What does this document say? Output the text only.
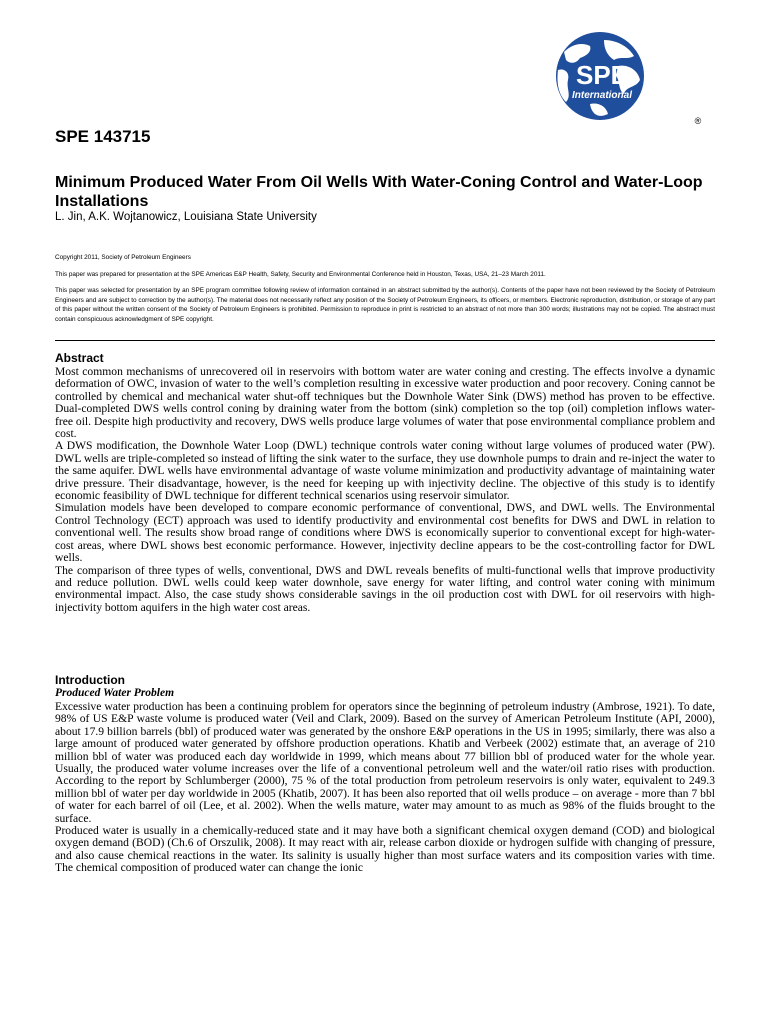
SPE
International
®
SPE 143715
Minimum Produced Water From Oil Wells With Water-Coning Control and Water-Loop Installations
L. Jin, A.K. Wojtanowicz, Louisiana State University
Copyright 2011, Society of Petroleum Engineers
This paper was prepared for presentation at the SPE Americas E&P Health, Safety, Security and Environmental Conference held in Houston, Texas, USA, 21–23 March 2011.
This paper was selected for presentation by an SPE program committee following review of information contained in an abstract submitted by the author(s). Contents of the paper have not been reviewed by the Society of Petroleum Engineers and are subject to correction by the author(s). The material does not necessarily reflect any position of the Society of Petroleum Engineers, its officers, or members. Electronic reproduction, distribution, or storage of any part of this paper without the written consent of the Society of Petroleum Engineers is prohibited. Permission to reproduce in print is restricted to an abstract of not more than 300 words; illustrations may not be copied. The abstract must contain conspicuous acknowledgment of SPE copyright.
Abstract

Most common mechanisms of unrecovered oil in reservoirs with bottom water are water coning and cresting. The effects involve a dynamic deformation of OWC, invasion of water to the well’s completion resulting in excessive water production and poor recovery. Coning cannot be controlled by chemical and mechanical water shut-off techniques but the Downhole Water Sink (DWS) method has proven to be effective. Dual-completed DWS wells control coning by draining water from the bottom (sink) completion so the top (oil) completion inflows water-free oil. Despite high productivity and recovery, DWS wells produce large volumes of water that pose environmental compliance problem and cost.

A DWS modification, the Downhole Water Loop (DWL) technique controls water coning without large volumes of produced water (PW). DWL wells are triple-completed so instead of lifting the sink water to the surface, they use downhole pumps to drain and re-inject the water to the same aquifer. DWL wells have environmental advantage of waste volume minimization and productivity advantage of maintaining water drive pressure. Their disadvantage, however, is the need for keeping up with injectivity decline. The objective of this study is to identify economic feasibility of DWL technique for different technical scenarios using reservoir simulator.

Simulation models have been developed to compare economic performance of conventional, DWS, and DWL wells. The Environmental Control Technology (ECT) approach was used to identify productivity and environmental cost benefits for DWS and DWL in relation to conventional well. The results show broad range of conditions where DWS is economically superior to conventional except for high-water-cost areas, where DWL shows best economic performance. However, injectivity decline appears to be the cost-controlling factor for DWL wells.

The comparison of three types of wells, conventional, DWS and DWL reveals benefits of multi-functional wells that improve productivity and reduce pollution. DWL wells could keep water downhole, save energy for water lifting, and control water coning with minimum environmental impact. Also, the case study shows considerable savings in the oil production cost with DWL for oil reservoirs with high-injectivity bottom aquifers in the high water cost areas.

Introduction
Produced Water Problem

Excessive water production has been a continuing problem for operators since the beginning of petroleum industry (Ambrose, 1921). To date, 98% of US E&P waste volume is produced water (Veil and Clark, 2009). Based on the survey of American Petroleum Institute (API, 2000), about 17.9 billion barrels (bbl) of produced water was generated by the onshore E&P operations in the US in 1995; similarly, there was also a large amount of produced water generated by offshore production operations. Khatib and Verbeek (2002) estimate that, an average of 210 million bbl of water was produced each day worldwide in 1999, which means about 77 billion bbl of produced water for the whole year. Usually, the produced water volume increases over the life of a conventional petroleum well and the water/oil ratio rises with production. According to the report by Schlumberger (2000), 75 % of the total production from petroleum reservoirs is only water, equivalent to 249.3 million bbl of water per day worldwide in 2005 (Khatib, 2007). It has been also reported that oil wells produce – on average - more than 7 bbl of water for each barrel of oil (Lee, et al. 2002). When the wells mature, water may amount to as much as 98% of the fluids brought to the surface.

Produced water is usually in a chemically-reduced state and it may have both a significant chemical oxygen demand (COD) and biological oxygen demand (BOD) (Ch.6 of Orszulik, 2008). It may react with air, release carbon dioxide or hydrogen sulfide with changing of pressure, and also cause chemical reactions in the water. Its salinity is usually higher than most surface waters and its composition varies with time. The chemical composition of produced water can change the ionic
